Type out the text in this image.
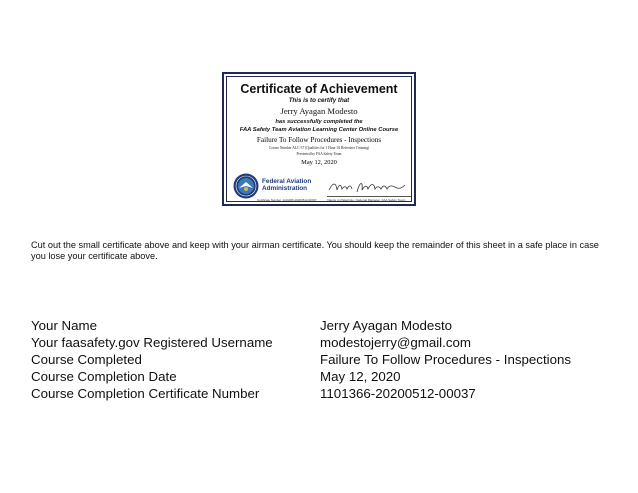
Certificate of Achievement
This is to certify that
Jerry Ayagan Modesto
has successfully completed the
FAA Safety Team Aviation Learning Center Online Course
Failure To Follow Procedures - Inspections
Course Number ALC-37 (Qualifies for 1 Hour IA Refresher Training)
Presented by FAA Safety Team
May 12, 2020
Federal Aviation
Administration
Certificate Number: 1101366-20200512-00037	Valerie G Palazzolo, National Manager, FAA Safety Team
Cut out the small certificate above and keep with your airman certificate. You should keep the remainder of this sheet in a safe place in case you lose your certificate above.
Your Name	Jerry Ayagan Modesto
Your faasafety.gov Registered Username	modestojerry@gmail.com
Course Completed	Failure To Follow Procedures - Inspections
Course Completion Date	May 12, 2020
Course Completion Certificate Number	1101366-20200512-00037
